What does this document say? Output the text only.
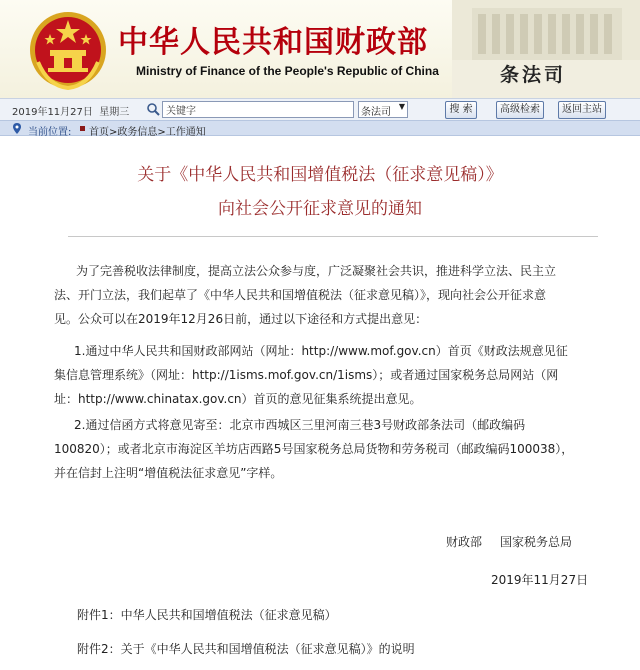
中华人民共和国财政部
Ministry of Finance of the People's Republic of China	条法司
2019年11月27日 星期三
关键字	条法司
▼	搜 索	高级检索	返回主站
当前位置: 首页>政务信息>工作通知
关于《中华人民共和国增值税法（征求意见稿）》
向社会公开征求意见的通知
为了完善税收法律制度，提高立法公众参与度，广泛凝聚社会共识，推进科学立法、民主立
法、开门立法，我们起草了《中华人民共和国增值税法（征求意见稿）》，现向社会公开征求意
见。公众可以在2019年12月26日前，通过以下途径和方式提出意见：
1.通过中华人民共和国财政部网站（网址：http://www.mof.gov.cn）首页《财政法规意见征
集信息管理系统》（网址：http://1isms.mof.gov.cn/1isms）；或者通过国家税务总局网站（网
址：http://www.chinatax.gov.cn）首页的意见征集系统提出意见。
2.通过信函方式将意见寄至：北京市西城区三里河南三巷3号财政部条法司（邮政编码
100820）；或者北京市海淀区羊坊店西路5号国家税务总局货物和劳务税司（邮政编码100038），
并在信封上注明“增值税法征求意见”字样。
财政部 国家税务总局
2019年11月27日
附件1：中华人民共和国增值税法（征求意见稿）
附件2：关于《中华人民共和国增值税法（征求意见稿）》的说明
